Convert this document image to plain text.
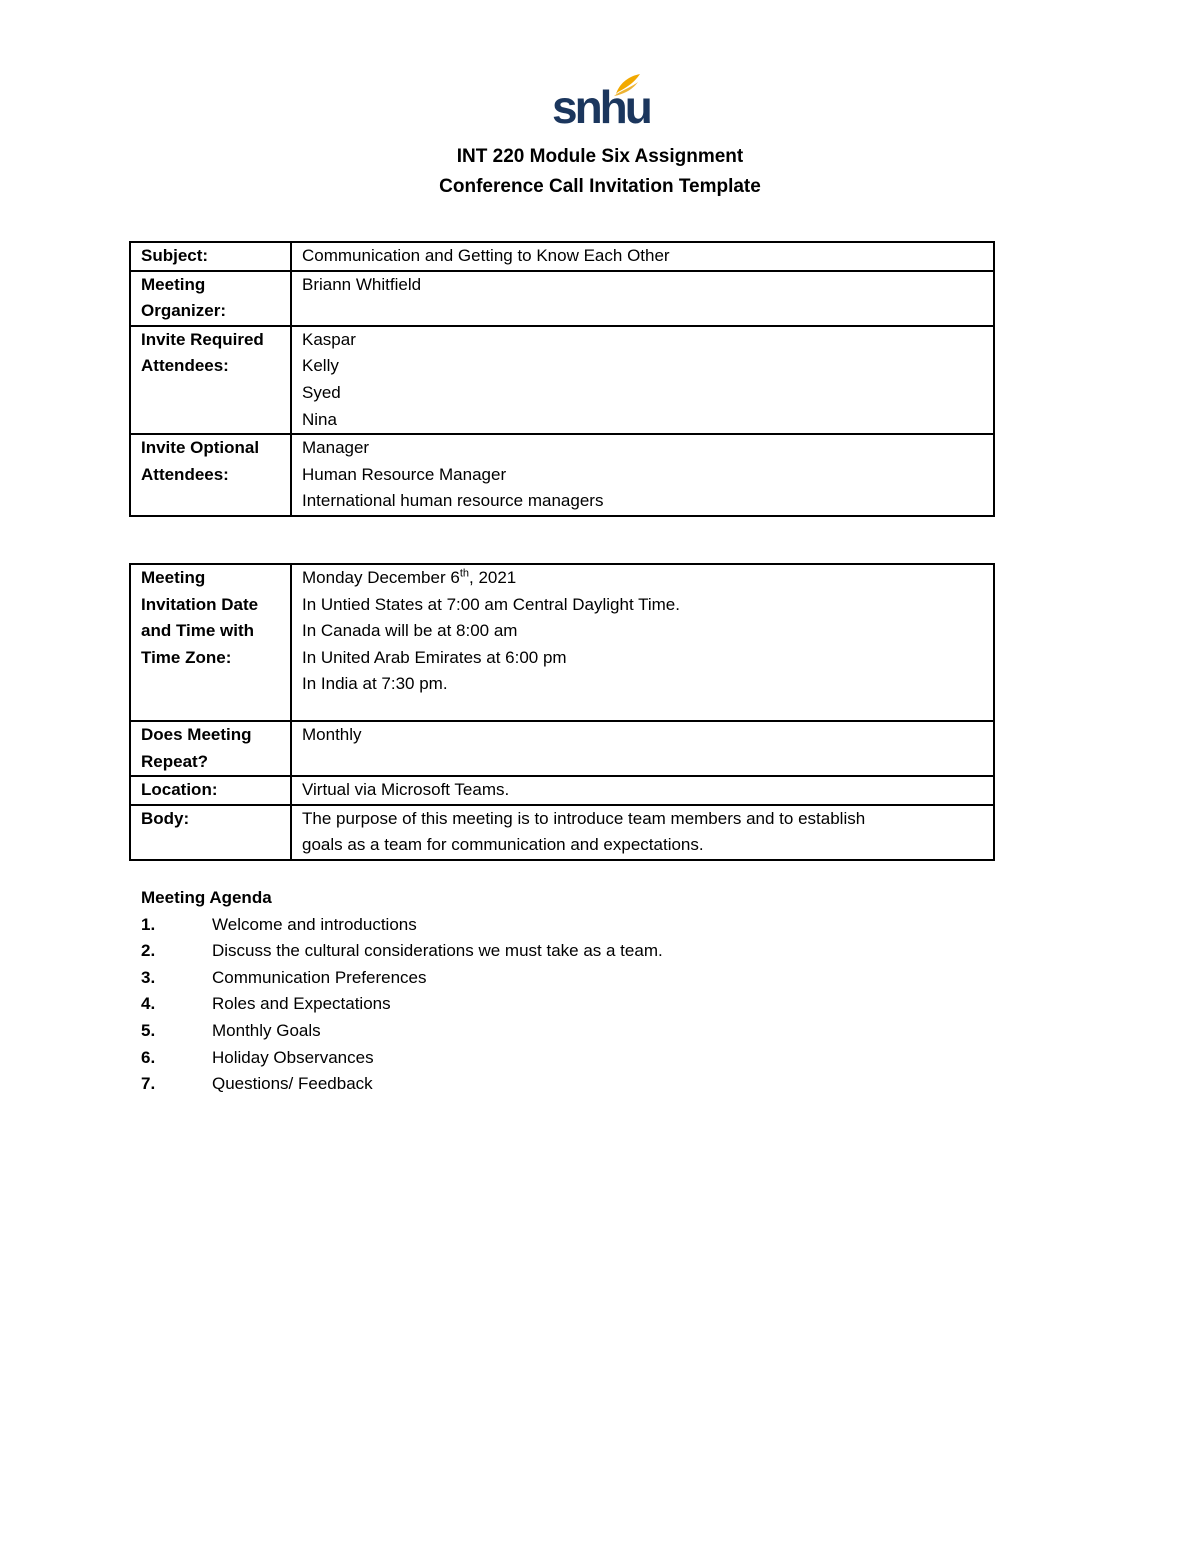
snhu
INT 220 Module Six Assignment
Conference Call Invitation Template
Subject:	Communication and Getting to Know Each Other

Meeting
Organizer:	Briann Whitfield

Invite Required
Attendees:	Kaspar
Kelly
Syed
Nina

Invite Optional
Attendees:	Manager
Human Resource Manager
International human resource managers
Meeting
Invitation Date
and Time with
Time Zone:	Monday December 6th, 2021
In Untied States at 7:00 am Central Daylight Time.
In Canada will be at 8:00 am
In United Arab Emirates at 6:00 pm
In India at 7:30 pm.

Does Meeting
Repeat?	Monthly
Location:	Virtual via Microsoft Teams.
Body:	The purpose of this meeting is to introduce team members and to establish
goals as a team for communication and expectations.
Meeting Agenda
1.	Welcome and introductions
2.	Discuss the cultural considerations we must take as a team.
3.	Communication Preferences
4.	Roles and Expectations
5.	Monthly Goals
6.	Holiday Observances
7.	Questions/ Feedback
